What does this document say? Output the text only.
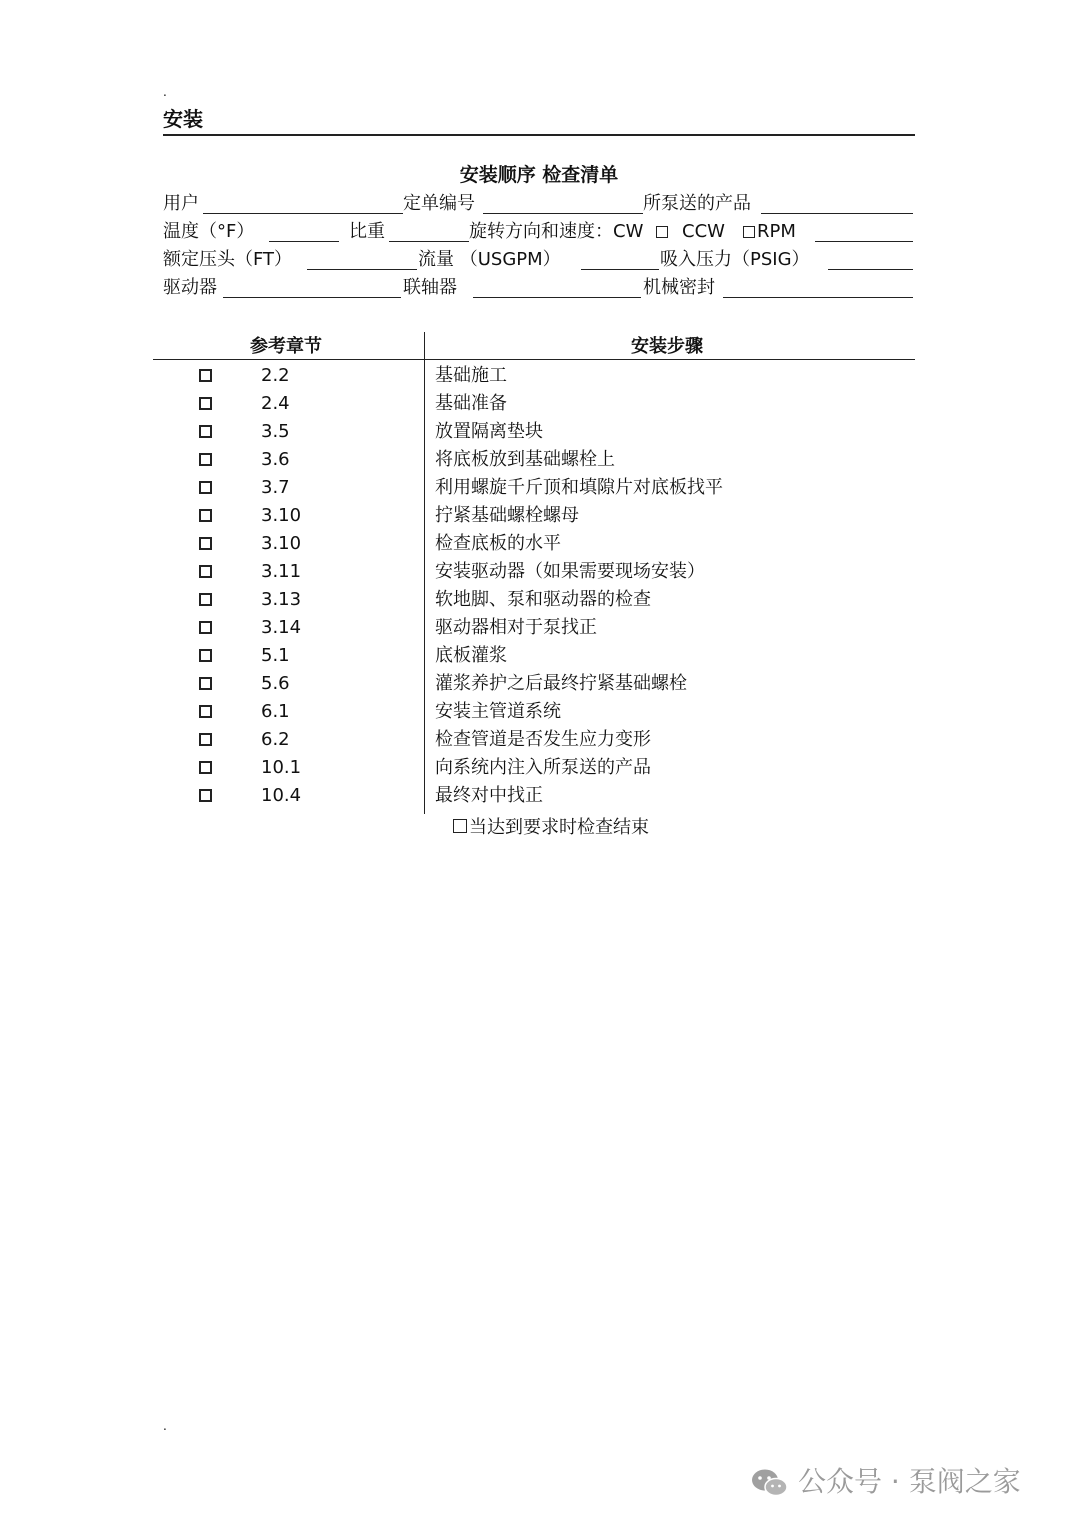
.
安装
安装顺序 检查清单
用户	定单编号	所泵送的产品
温度（°F）	比重	旋转方向和速度：CW CCW RPM
额定压头（FT）	流量 （USGPM）	吸入压力（PSIG）
驱动器	联轴器	机械密封
参考章节	安装步骤
2.2	基础施工
2.4	基础准备
3.5	放置隔离垫块
3.6	将底板放到基础螺栓上
3.7	利用螺旋千斤顶和填隙片对底板找平
3.10	拧紧基础螺栓螺母
3.10	检查底板的水平
3.11	安装驱动器（如果需要现场安装）
3.13	软地脚、泵和驱动器的检查
3.14	驱动器相对于泵找正
5.1	底板灌浆
5.6	灌浆养护之后最终拧紧基础螺栓
6.1	安装主管道系统
6.2	检查管道是否发生应力变形
10.1	向系统内注入所泵送的产品
10.4	最终对中找正
当达到要求时检查结束
.
公众号 · 泵阀之家
